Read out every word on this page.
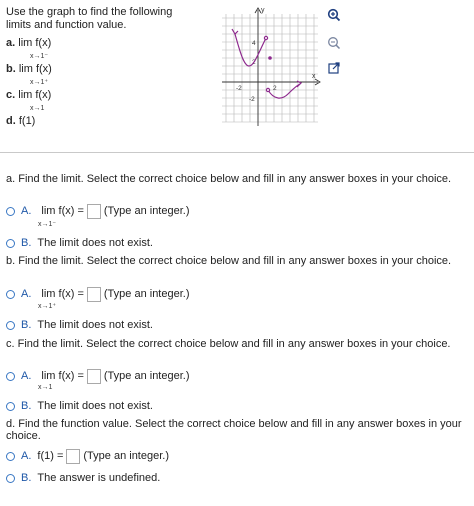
Use the graph to find the following limits and function value.
a. lim f(x)
x→1⁻
b. lim f(x)
x→1⁺
c. lim f(x)
x→1
d. f(1)
y
x
4
2
-2
-2	2
a. Find the limit. Select the correct choice below and fill in any answer boxes in your choice.
A. lim f(x) = (Type an integer.)
x→1⁻
B. The limit does not exist.
b. Find the limit. Select the correct choice below and fill in any answer boxes in your choice.
A. lim f(x) = (Type an integer.)
x→1⁺
B. The limit does not exist.
c. Find the limit. Select the correct choice below and fill in any answer boxes in your choice.
A. lim f(x) = (Type an integer.)
x→1
B. The limit does not exist.
d. Find the function value. Select the correct choice below and fill in any answer boxes in your choice.
A. f(1) = (Type an integer.)
B. The answer is undefined.
